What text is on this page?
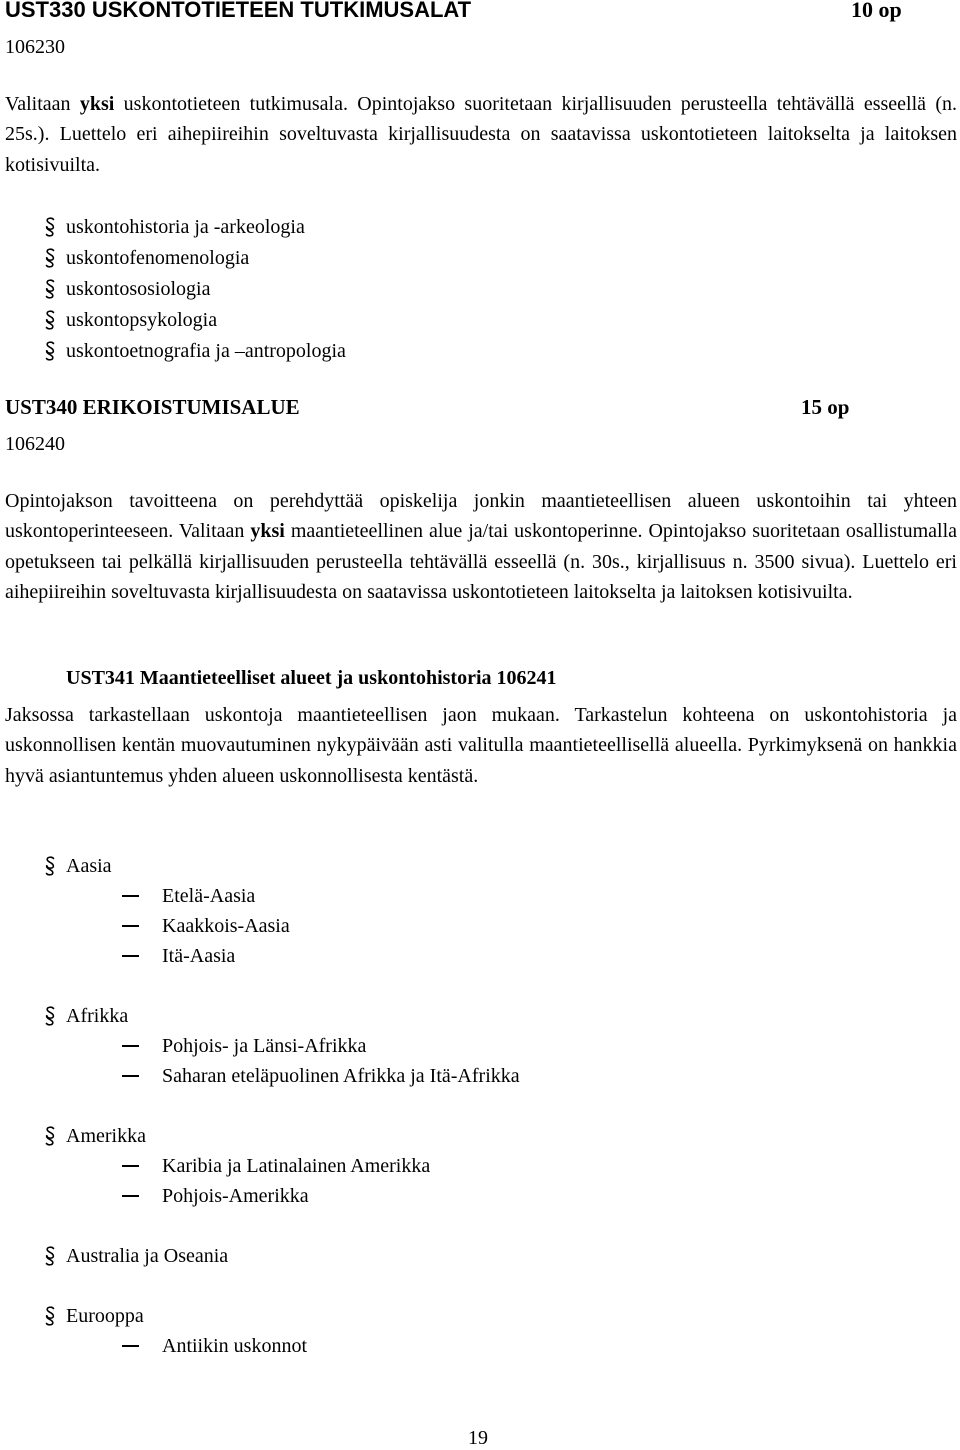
UST330 USKONTOTIETEEN TUTKIMUSALAT	10 op
106230

Valitaan yksi uskontotieteen tutkimusala. Opintojakso suoritetaan kirjallisuuden perusteella tehtävällä esseellä (n. 25s.). Luettelo eri aihepiireihin soveltuvasta kirjallisuudesta on saatavissa uskontotieteen laitokselta ja laitoksen kotisivuilta.

uskontohistoria ja -arkeologia
uskontofenomenologia
uskontososiologia
uskontopsykologia
uskontoetnografia ja –antropologia
UST340 ERIKOISTUMISALUE	15 op
106240

Opintojakson tavoitteena on perehdyttää opiskelija jonkin maantieteellisen alueen uskontoihin tai yhteen uskontoperinteeseen. Valitaan yksi maantieteellinen alue ja/tai uskontoperinne. Opintojakso suoritetaan osallistumalla opetukseen tai pelkällä kirjallisuuden perusteella tehtävällä esseellä (n. 30s., kirjallisuus n. 3500 sivua). Luettelo eri aihepiireihin soveltuvasta kirjallisuudesta on saatavissa uskontotieteen laitokselta ja laitoksen kotisivuilta.

UST341 Maantieteelliset alueet ja uskontohistoria 106241

Jaksossa tarkastellaan uskontoja maantieteellisen jaon mukaan. Tarkastelun kohteena on uskontohistoria ja uskonnollisen kentän muovautuminen nykypäivään asti valitulla maantieteellisellä alueella. Pyrkimyksenä on hankkia hyvä asiantuntemus yhden alueen uskonnollisesta kentästä.

Aasia
Etelä-Aasia
Kaakkois-Aasia
Itä-Aasia
Afrikka
Pohjois- ja Länsi-Afrikka
Saharan eteläpuolinen Afrikka ja Itä-Afrikka
Amerikka
Karibia ja Latinalainen Amerikka
Pohjois-Amerikka
Australia ja Oseania
Eurooppa
Antiikin uskonnot
19
